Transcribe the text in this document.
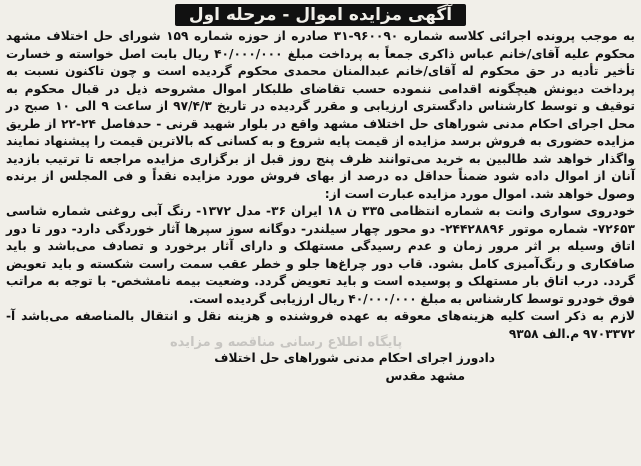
آگهی مزایده اموال - مرحله اول

به موجب پرونده اجرائی کلاسه شماره ۹۶۰۰۹۰-۳۱ صادره از حوزه شماره ۱۵۹ شورای حل اختلاف مشهد محکوم علیه آقای/خانم عباس ذاکری جمعاً به پرداخت مبلغ ۴۰/۰۰۰/۰۰۰ ریال بابت اصل خواسته و خسارت تأخیر تأدیه در حق محکوم له آقای/خانم عبدالمنان محمدی محکوم گردیده است و چون تاکنون نسبت به پرداخت دیونش هیچگونه اقدامی ننموده حسب تقاضای طلبکار اموال مشروحه ذیل در قبال محکوم به توقیف و توسط کارشناس دادگستری ارزیابی و مقرر گردیده در تاریخ ۹۷/۴/۳ از ساعت ۹ الی ۱۰ صبح در محل اجرای احکام مدنی شوراهای حل اختلاف مشهد واقع در بلوار شهید قرنی - حدفاصل ۲۴-۲۲ از طریق مزایده حضوری به فروش برسد مزایده از قیمت پایه شروع و به کسانی که بالاترین قیمت را پیشنهاد نمایند واگذار خواهد شد طالبین به خرید می‌توانند ظرف پنج روز قبل از برگزاری مزایده مراجعه تا ترتیب بازدید آنان از اموال داده شود ضمناً حداقل ده درصد از بهای فروش مورد مزایده نقداً و فی المجلس از برنده وصول خواهد شد. اموال مورد مزایده عبارت است از:

خودروی سواری وانت به شماره انتظامی ۳۳۵ ن ۱۸ ایران ۳۶- مدل ۱۳۷۲- رنگ آبی روغنی شماره شاسی ۷۲۶۵۳- شماره موتور ۲۴۴۲۸۸۹۶- دو محور چهار سیلندر- دوگانه سوز سپرها آثار خوردگی دارد- دور تا دور اتاق وسیله بر اثر مرور زمان و عدم رسیدگی مستهلک و دارای آثار برخورد و تصادف می‌باشد و باید صافکاری و رنگ‌آمیزی کامل بشود. قاب دور چراغ‌ها جلو و خطر عقب سمت راست شکسته و باید تعویض گردد. درب اتاق بار مستهلک و پوسیده است و باید تعویض گردد. وضعیت بیمه نامشخص- با توجه به مراتب فوق خودرو توسط کارشناس به مبلغ ۴۰/۰۰۰/۰۰۰ ریال ارزیابی گردیده است.

لازم به ذکر است کلیه هزینه‌های معوقه به عهده فروشنده و هزینه نقل و انتقال بالمناصفه می‌باشد آ- ۹۷۰۳۳۷۲ م.الف ۹۳۵۸

دادورز اجرای احکام مدنی شوراهای حل اختلاف
مشهد مقدس
پایگاه اطلاع رسانی مناقصه و مزایده
